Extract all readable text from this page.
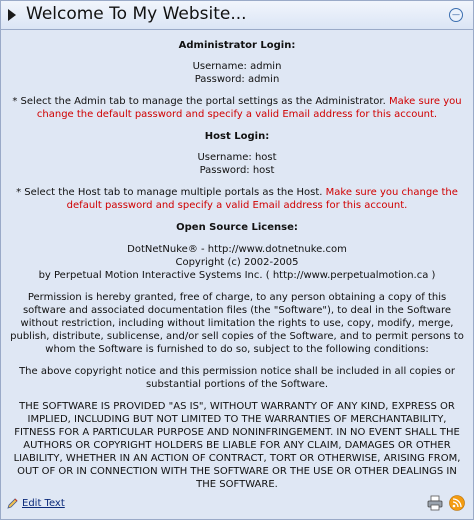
Welcome To My Website...	—

Administrator Login:

Username: admin

Password: admin

* Select the Admin tab to manage the portal settings as the Administrator. Make sure you change the default password and specify a valid Email address for this account.

Host Login:

Username: host

Password: host

* Select the Host tab to manage multiple portals as the Host. Make sure you change the default password and specify a valid Email address for this account.

Open Source License:

DotNetNuke® - http://www.dotnetnuke.com

Copyright (c) 2002-2005

by Perpetual Motion Interactive Systems Inc. ( http://www.perpetualmotion.ca )

Permission is hereby granted, free of charge, to any person obtaining a copy of this software and associated documentation files (the "Software"), to deal in the Software without restriction, including without limitation the rights to use, copy, modify, merge, publish, distribute, sublicense, and/or sell copies of the Software, and to permit persons to whom the Software is furnished to do so, subject to the following conditions:

The above copyright notice and this permission notice shall be included in all copies or substantial portions of the Software.

THE SOFTWARE IS PROVIDED "AS IS", WITHOUT WARRANTY OF ANY KIND, EXPRESS OR IMPLIED, INCLUDING BUT NOT LIMITED TO THE WARRANTIES OF MERCHANTABILITY, FITNESS FOR A PARTICULAR PURPOSE AND NONINFRINGEMENT. IN NO EVENT SHALL THE AUTHORS OR COPYRIGHT HOLDERS BE LIABLE FOR ANY CLAIM, DAMAGES OR OTHER LIABILITY, WHETHER IN AN ACTION OF CONTRACT, TORT OR OTHERWISE, ARISING FROM, OUT OF OR IN CONNECTION WITH THE SOFTWARE OR THE USE OR OTHER DEALINGS IN THE SOFTWARE.

Edit Text
